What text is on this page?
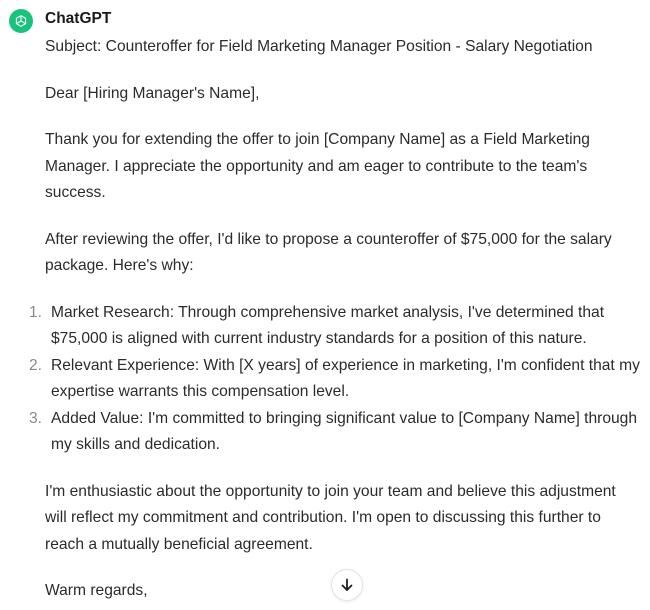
ChatGPT

Subject: Counteroffer for Field Marketing Manager Position - Salary Negotiation

Dear [Hiring Manager's Name],

Thank you for extending the offer to join [Company Name] as a Field Marketing Manager. I appreciate the opportunity and am eager to contribute to the team's success.

After reviewing the offer, I'd like to propose a counteroffer of $75,000 for the salary package. Here's why:

1. Market Research: Through comprehensive market analysis, I've determined that $75,000 is aligned with current industry standards for a position of this nature.
2. Relevant Experience: With [X years] of experience in marketing, I'm confident that my expertise warrants this compensation level.
3. Added Value: I'm committed to bringing significant value to [Company Name] through my skills and dedication.

I'm enthusiastic about the opportunity to join your team and believe this adjustment will reflect my commitment and contribution. I'm open to discussing this further to reach a mutually beneficial agreement.

Warm regards,
